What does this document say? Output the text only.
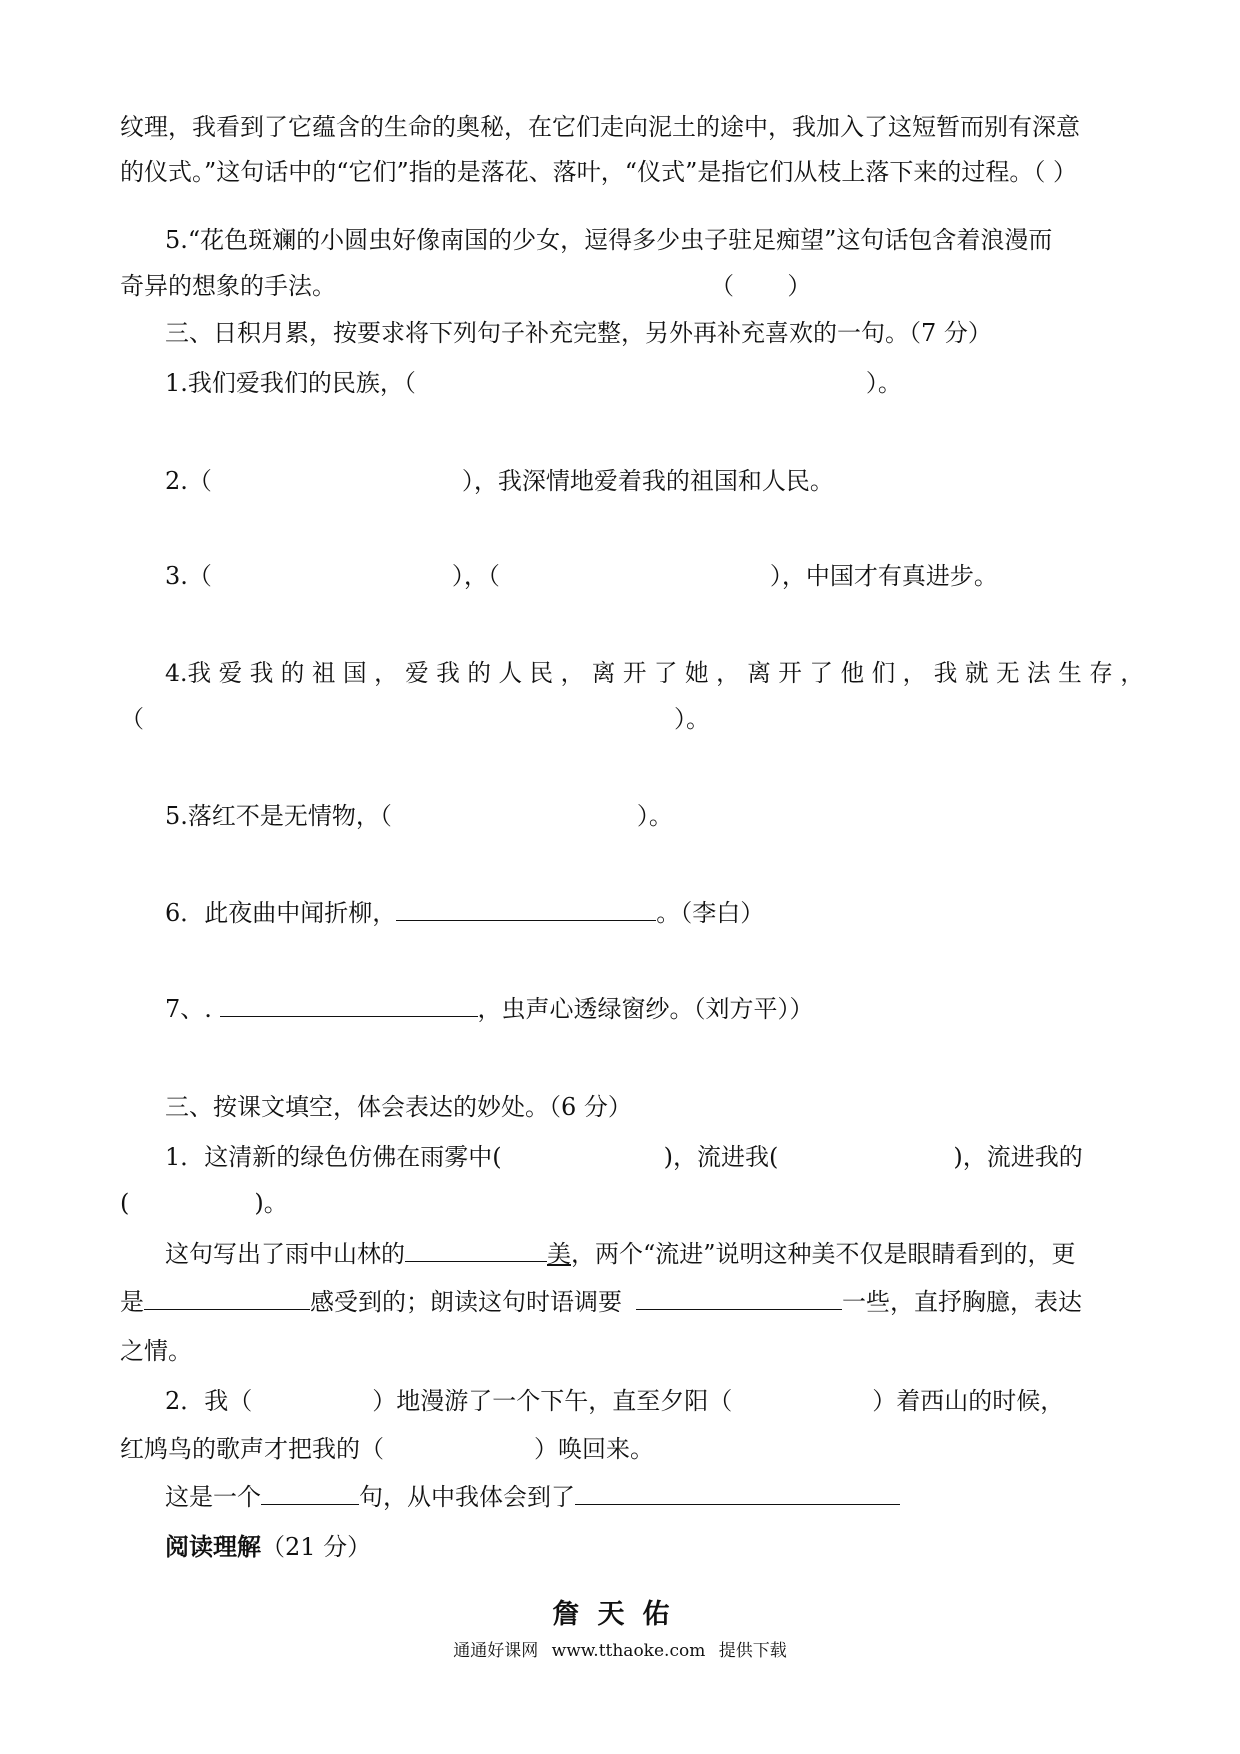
纹理，我看到了它蕴含的生命的奥秘，在它们走向泥土的途中，我加入了这短暂而别有深意
的仪式。”这句话中的“它们”指的是落花、落叶，“仪式”是指它们从枝上落下来的过程。（ ）
5.“花色斑斓的小圆虫好像南国的少女，逗得多少虫子驻足痴望”这句话包含着浪漫而
奇异的想象的手法。	（       ）
三、日积月累，按要求将下列句子补充完整，另外再补充喜欢的一句。（7 分）
1.我们爱我们的民族，（	）。
2.（	），我深情地爱着我的祖国和人民。
3.（	），（	），中国才有真进步。
4.我 爱 我 的 祖 国 ， 爱 我 的 人 民 ， 离 开 了 她 ， 离 开 了 他 们 ， 我 就 无 法 生 存 ，
（	）。
5.落红不是无情物，（	）。
6．此夜曲中闻折柳，	。（李白）
7、.	，虫声心透绿窗纱。（刘方平））
三、按课文填空，体会表达的妙处。（6 分）
1．这清新的绿色仿佛在雨雾中(	)，流进我(	)，流进我的
(	)。
这句写出了雨中山林的	美，两个“流进”说明这种美不仅是眼睛看到的，更
是	感受到的；朗读这句时语调要	一些，直抒胸臆，表达
之情。
2．我（	）地漫游了一个下午，直至夕阳（	）着西山的时候，
红鸠鸟的歌声才把我的（	）唤回来。
这是一个	句，从中我体会到了
阅读理解（21 分）
詹天佑
通通好课网 www.tthaoke.com 提供下载
